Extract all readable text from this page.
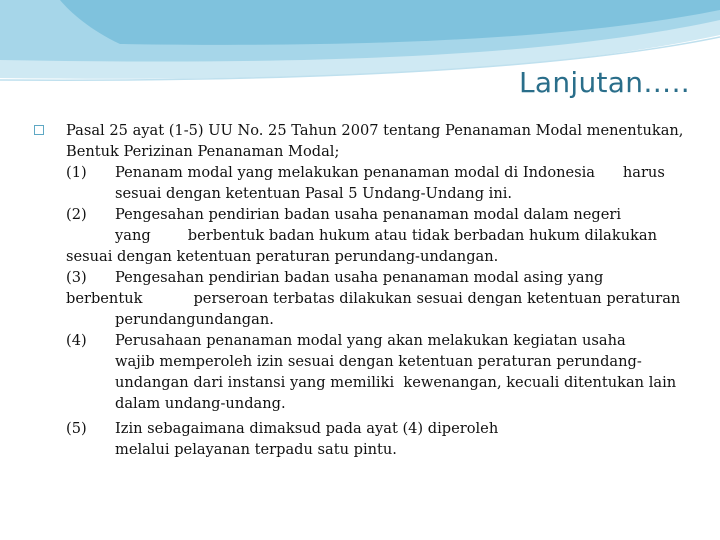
Lanjutan…..
Pasal 25 ayat (1-5) UU No. 25 Tahun 2007 tentang Penanaman Modal menentukan,
Bentuk Perizinan Penanaman Modal;
(1)	Penanam modal yang melakukan penanaman modal di Indonesia      harus
sesuai dengan ketentuan Pasal 5 Undang-Undang ini.
(2)	Pengesahan pendirian badan usaha penanaman modal dalam negeri
yang        berbentuk badan hukum atau tidak berbadan hukum dilakukan
sesuai dengan ketentuan peraturan perundang-undangan.
(3)	Pengesahan pendirian badan usaha penanaman modal asing yang
berbentuk           perseroan terbatas dilakukan sesuai dengan ketentuan peraturan
perundangundangan.
(4)	Perusahaan penanaman modal yang akan melakukan kegiatan usaha
wajib memperoleh izin sesuai dengan ketentuan peraturan perundang-
undangan dari instansi yang memiliki  kewenangan, kecuali ditentukan lain
dalam undang-undang.
(5)	Izin sebagaimana dimaksud pada ayat (4) diperoleh
melalui pelayanan terpadu satu pintu.
